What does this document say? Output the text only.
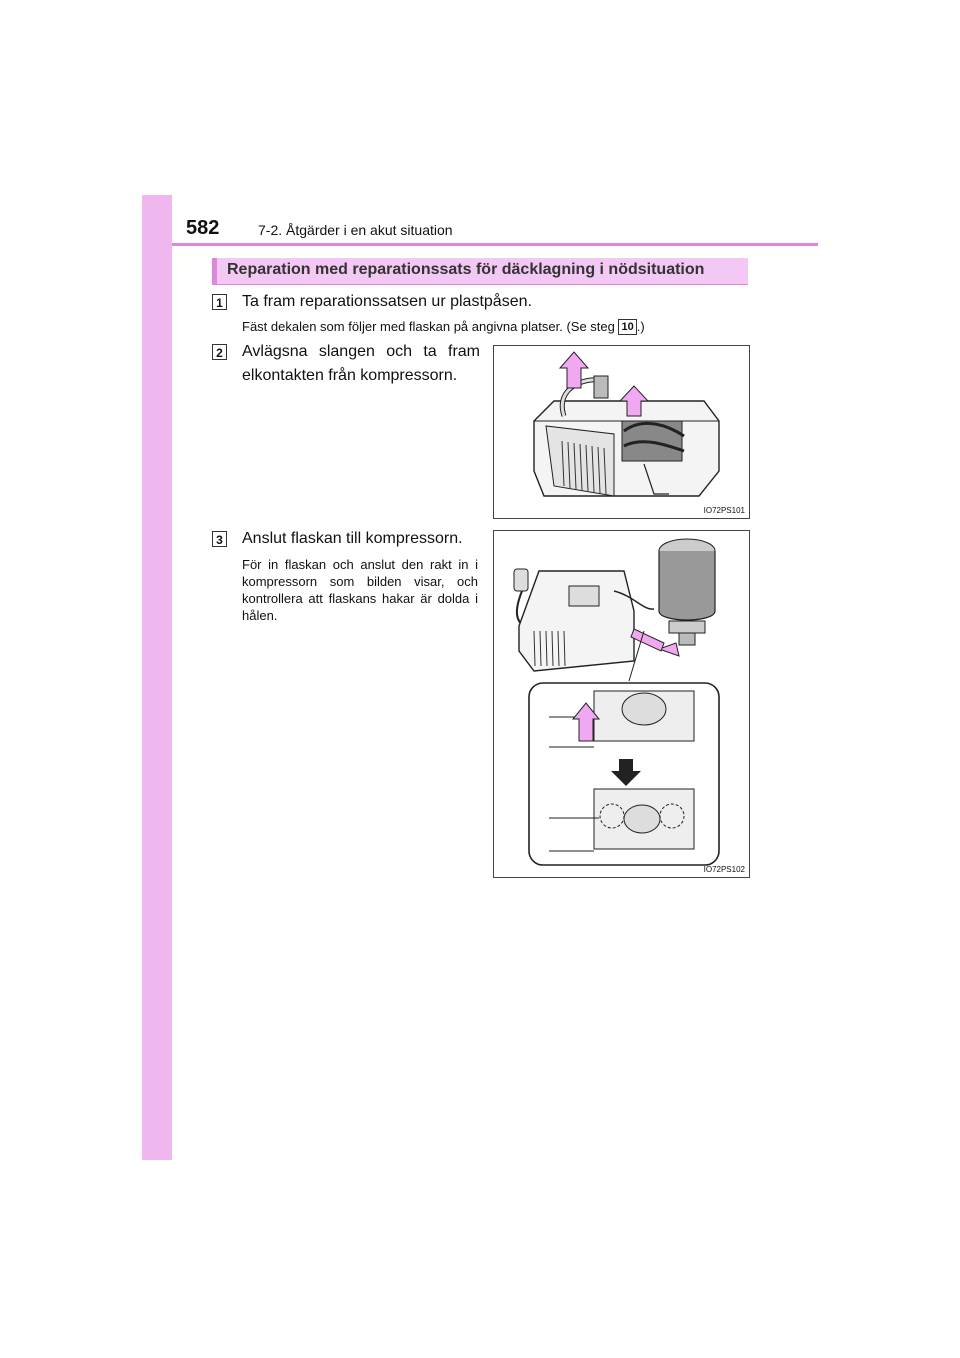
582	7-2. Åtgärder i en akut situation
Reparation med reparationssats för däcklagning i nödsituation
1 Ta fram reparationssatsen ur plastpåsen.
Fäst dekalen som följer med flaskan på angivna platser. (Se steg 10 .)
2 Avlägsna slangen och ta fram
elkontakten från kompressorn.
IO72PS101
3 Anslut flaskan till kompressorn.
För in flaskan och anslut den rakt in i kompressorn som bilden visar, och kontrollera att flaskans hakar är dolda i hålen.
IO72PS102
